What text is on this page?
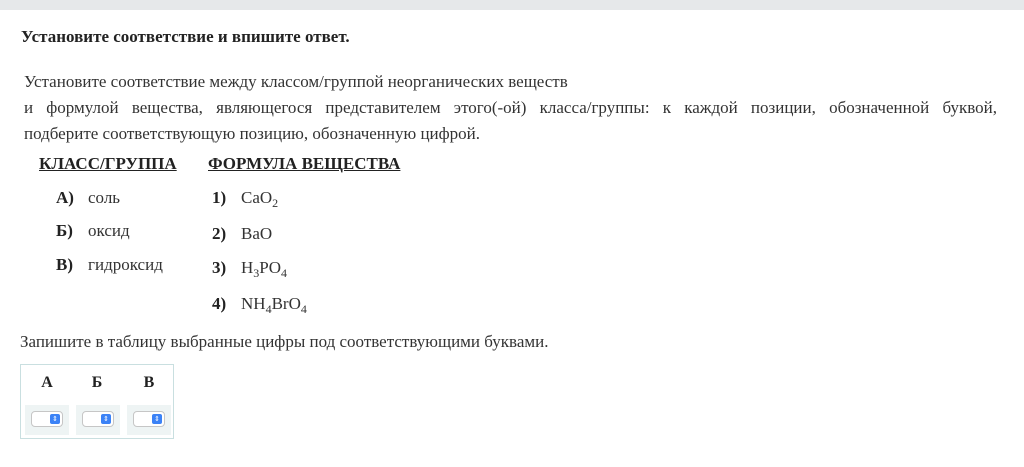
Установите соответствие и впишите ответ.
Установите соответствие между классом/группой неорганических веществ
и формулой вещества, являющегося представителем этого(-ой) класса/группы: к каждой позиции, обозначенной буквой,
подберите соответствующую позицию, обозначенную цифрой.
КЛАСС/ГРУППА ФОРМУЛА ВЕЩЕСТВА
А) соль
Б) оксид
В) гидроксид
1) CaO$_2$
2) BaO
3) $H_3PO_4$
4) $NH_4BrO_4$
Запишите в таблицу выбранные цифры под соответствующими буквами.
А Б	В
⇕	⇕	⇕
